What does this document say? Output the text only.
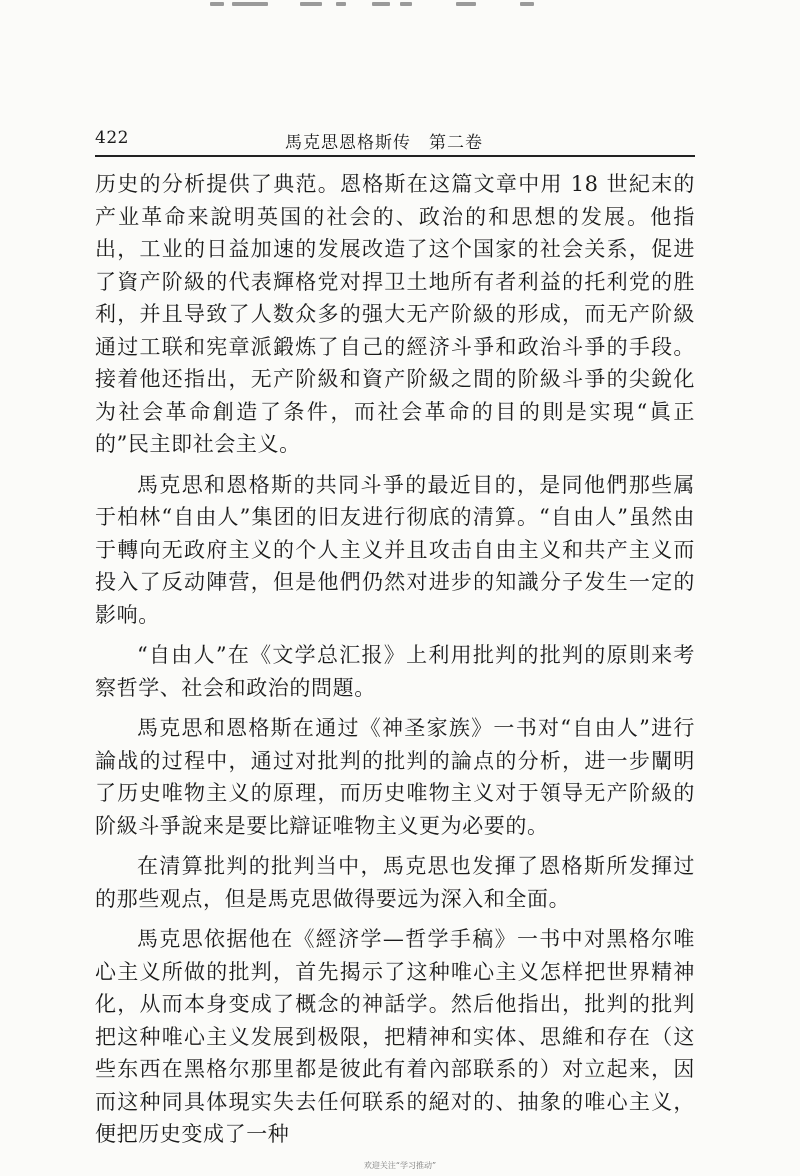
422	馬克思恩格斯传　第二卷

历史的分析提供了典范。恩格斯在这篇文章中用 18 世紀末的产业革命来說明英国的社会的、政治的和思想的发展。他指出，工业的日益加速的发展改造了这个国家的社会关系，促进了資产阶級的代表輝格党对捍卫土地所有者利益的托利党的胜利，并且导致了人数众多的强大无产阶級的形成，而无产阶級通过工联和宪章派鍛炼了自己的經济斗爭和政治斗爭的手段。接着他还指出，无产阶級和資产阶級之間的阶級斗爭的尖銳化为社会革命創造了条件，而社会革命的目的則是实現“眞正的”民主即社会主义。

馬克思和恩格斯的共同斗爭的最近目的，是同他們那些属于柏林“自由人”集团的旧友进行彻底的清算。“自由人”虽然由于轉向无政府主义的个人主义并且攻击自由主义和共产主义而投入了反动陣营，但是他們仍然对进步的知識分子发生一定的影响。

“自由人”在《文学总汇报》上利用批判的批判的原則来考察哲学、社会和政治的問題。

馬克思和恩格斯在通过《神圣家族》一书对“自由人”进行論战的过程中，通过对批判的批判的論点的分析，进一步闡明了历史唯物主义的原理，而历史唯物主义对于領导无产阶級的阶級斗爭說来是要比辯证唯物主义更为必要的。

在清算批判的批判当中，馬克思也发揮了恩格斯所发揮过的那些观点，但是馬克思做得要远为深入和全面。

馬克思依据他在《經济学—哲学手稿》一书中对黑格尔唯心主义所做的批判，首先揭示了这种唯心主义怎样把世界精神化，从而本身变成了概念的神話学。然后他指出，批判的批判把这种唯心主义发展到极限，把精神和实体、思維和存在（这些东西在黑格尔那里都是彼此有着內部联系的）对立起来，因而这种同具体現实失去任何联系的絕对的、抽象的唯心主义，便把历史变成了一种

欢迎关注“学习推动”
